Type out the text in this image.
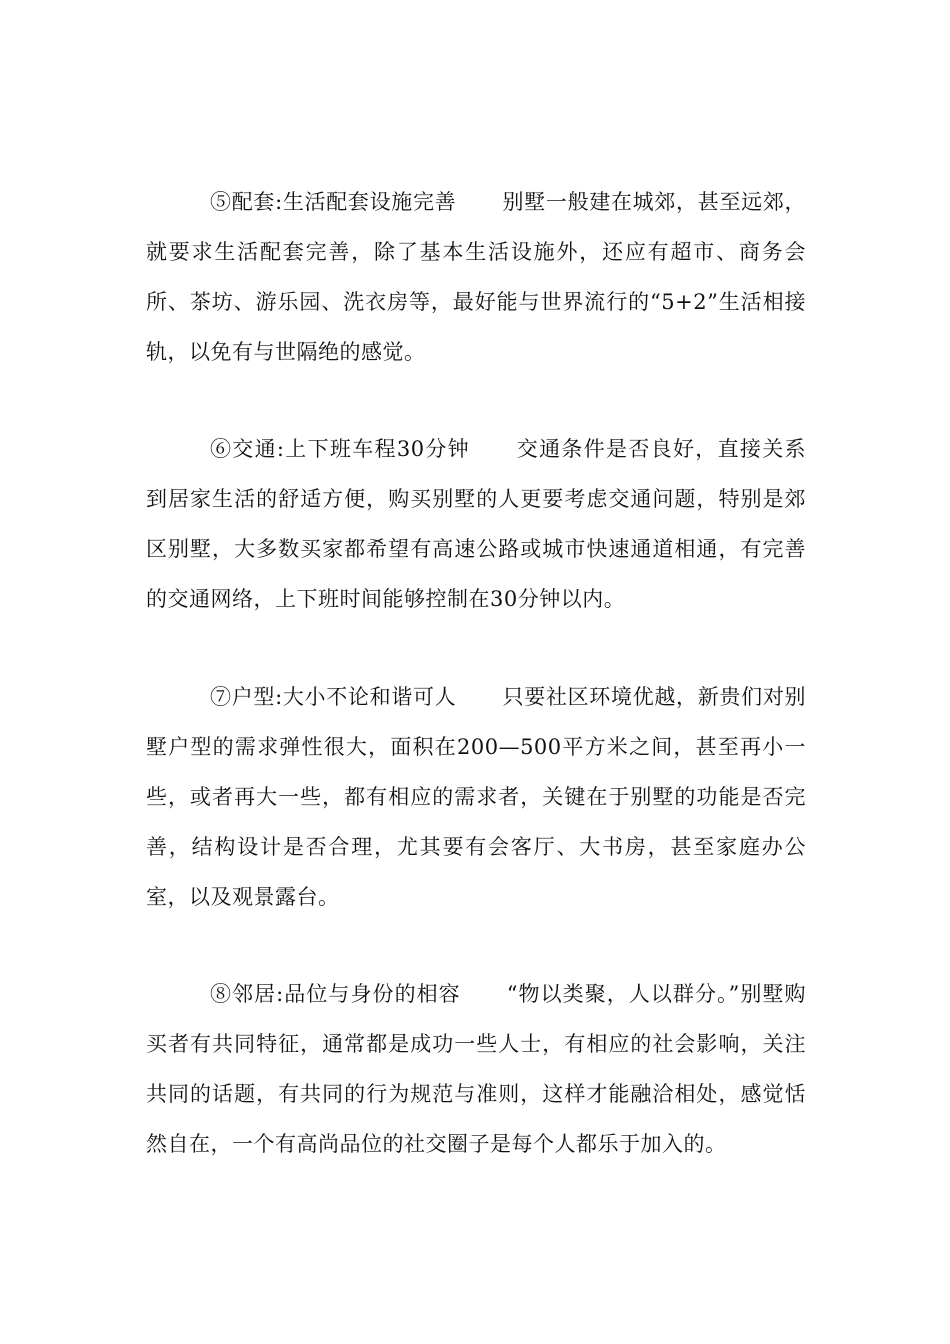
⑤配套:生活配套设施完善 别墅一般建在城郊，甚至远郊，就要求生活配套完善，除了基本生活设施外，还应有超市、商务会所、茶坊、游乐园、洗衣房等，最好能与世界流行的“5+2”生活相接轨，以免有与世隔绝的感觉。

⑥交通:上下班车程30分钟 交通条件是否良好，直接关系到居家生活的舒适方便，购买别墅的人更要考虑交通问题，特别是郊区别墅，大多数买家都希望有高速公路或城市快速通道相通，有完善的交通网络，上下班时间能够控制在30分钟以内。

⑦户型:大小不论和谐可人 只要社区环境优越，新贵们对别墅户型的需求弹性很大，面积在200—500平方米之间，甚至再小一些，或者再大一些，都有相应的需求者，关键在于别墅的功能是否完善，结构设计是否合理，尤其要有会客厅、大书房，甚至家庭办公室，以及观景露台。

⑧邻居:品位与身份的相容 “物以类聚，人以群分。”别墅购买者有共同特征，通常都是成功一些人士，有相应的社会影响，关注共同的话题，有共同的行为规范与准则，这样才能融洽相处，感觉恬然自在，一个有高尚品位的社交圈子是每个人都乐于加入的。
